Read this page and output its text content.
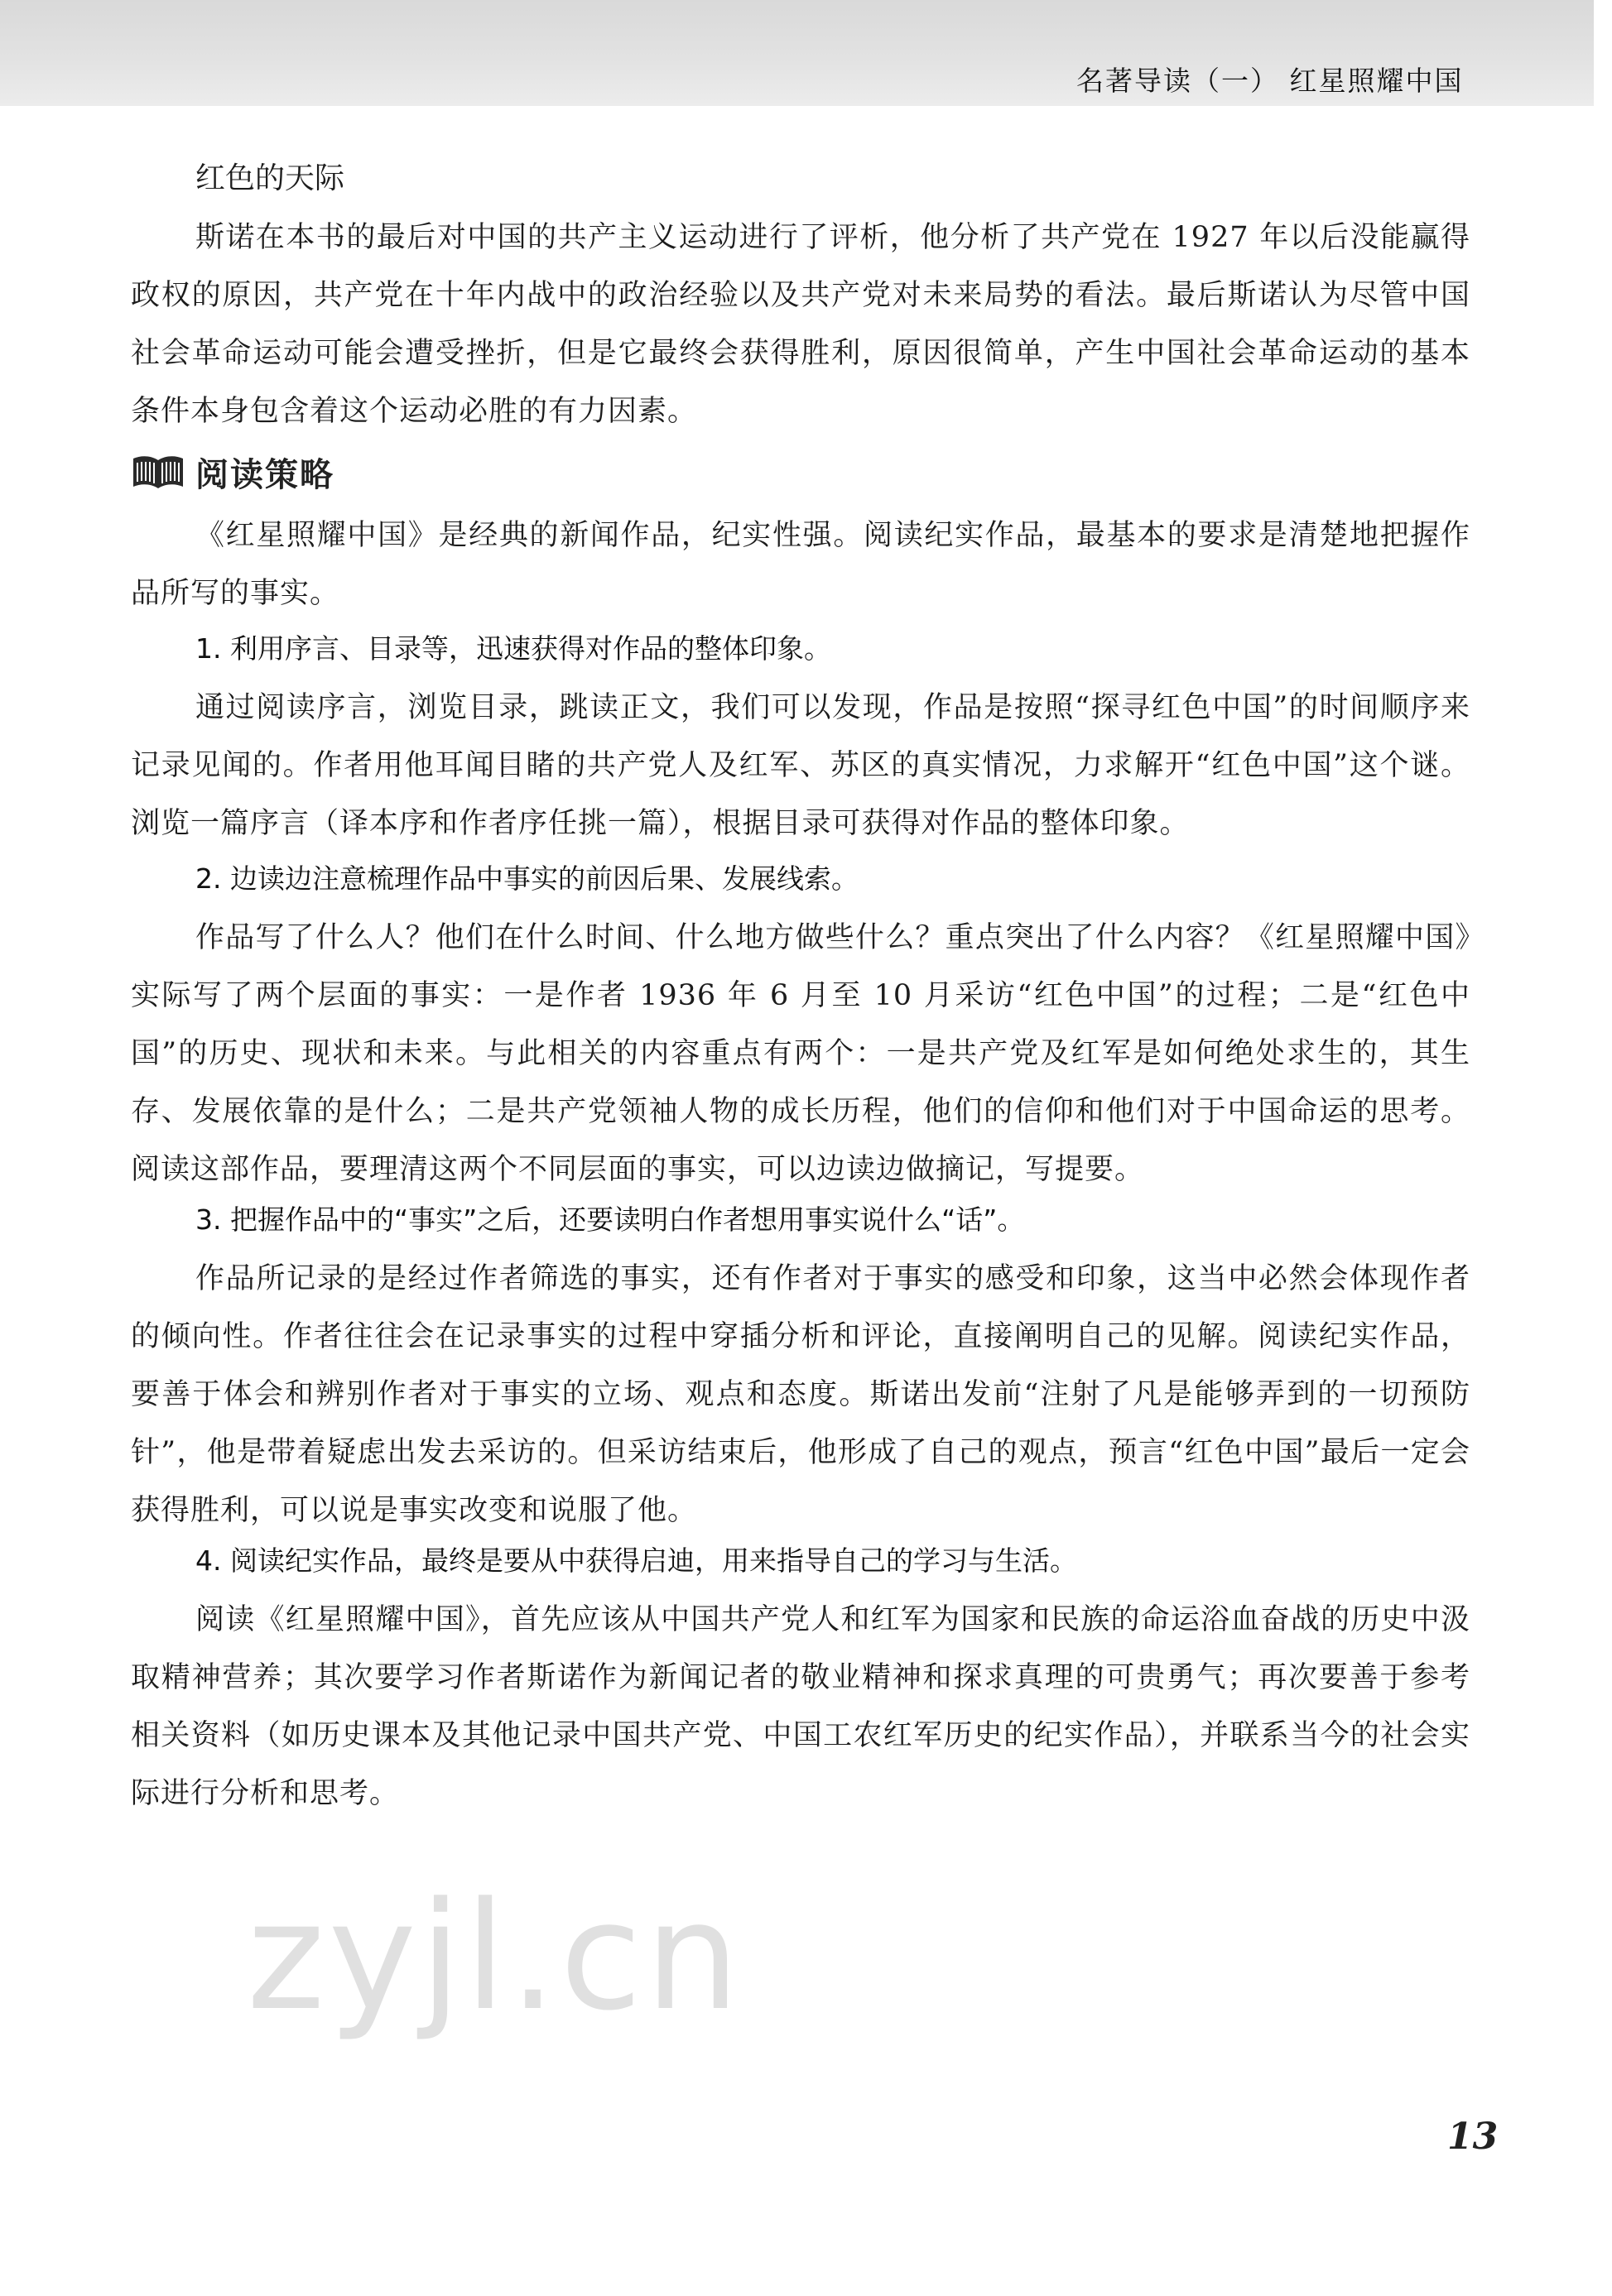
名著导读（一） 红星照耀中国
红色的天际

斯诺在本书的最后对中国的共产主义运动进行了评析，他分析了共产党在 1927 年以后没能赢得政权的原因，共产党在十年内战中的政治经验以及共产党对未来局势的看法。最后斯诺认为尽管中国社会革命运动可能会遭受挫折，但是它最终会获得胜利，原因很简单，产生中国社会革命运动的基本条件本身包含着这个运动必胜的有力因素。

阅读策略

《红星照耀中国》是经典的新闻作品，纪实性强。阅读纪实作品，最基本的要求是清楚地把握作品所写的事实。

1. 利用序言、目录等，迅速获得对作品的整体印象。

通过阅读序言，浏览目录，跳读正文，我们可以发现，作品是按照“探寻红色中国”的时间顺序来记录见闻的。作者用他耳闻目睹的共产党人及红军、苏区的真实情况，力求解开“红色中国”这个谜。浏览一篇序言（译本序和作者序任挑一篇），根据目录可获得对作品的整体印象。

2. 边读边注意梳理作品中事实的前因后果、发展线索。

作品写了什么人？他们在什么时间、什么地方做些什么？重点突出了什么内容？《红星照耀中国》实际写了两个层面的事实：一是作者 1936 年 6 月至 10 月采访“红色中国”的过程；二是“红色中国”的历史、现状和未来。与此相关的内容重点有两个：一是共产党及红军是如何绝处求生的，其生存、发展依靠的是什么；二是共产党领袖人物的成长历程，他们的信仰和他们对于中国命运的思考。阅读这部作品，要理清这两个不同层面的事实，可以边读边做摘记，写提要。

3. 把握作品中的“事实”之后，还要读明白作者想用事实说什么“话”。

作品所记录的是经过作者筛选的事实，还有作者对于事实的感受和印象，这当中必然会体现作者的倾向性。作者往往会在记录事实的过程中穿插分析和评论，直接阐明自己的见解。阅读纪实作品，要善于体会和辨别作者对于事实的立场、观点和态度。斯诺出发前“注射了凡是能够弄到的一切预防针”，他是带着疑虑出发去采访的。但采访结束后，他形成了自己的观点，预言“红色中国”最后一定会获得胜利，可以说是事实改变和说服了他。

4. 阅读纪实作品，最终是要从中获得启迪，用来指导自己的学习与生活。

阅读《红星照耀中国》，首先应该从中国共产党人和红军为国家和民族的命运浴血奋战的历史中汲取精神营养；其次要学习作者斯诺作为新闻记者的敬业精神和探求真理的可贵勇气；再次要善于参考相关资料（如历史课本及其他记录中国共产党、中国工农红军历史的纪实作品），并联系当今的社会实际进行分析和思考。

zyjl.cn
13
